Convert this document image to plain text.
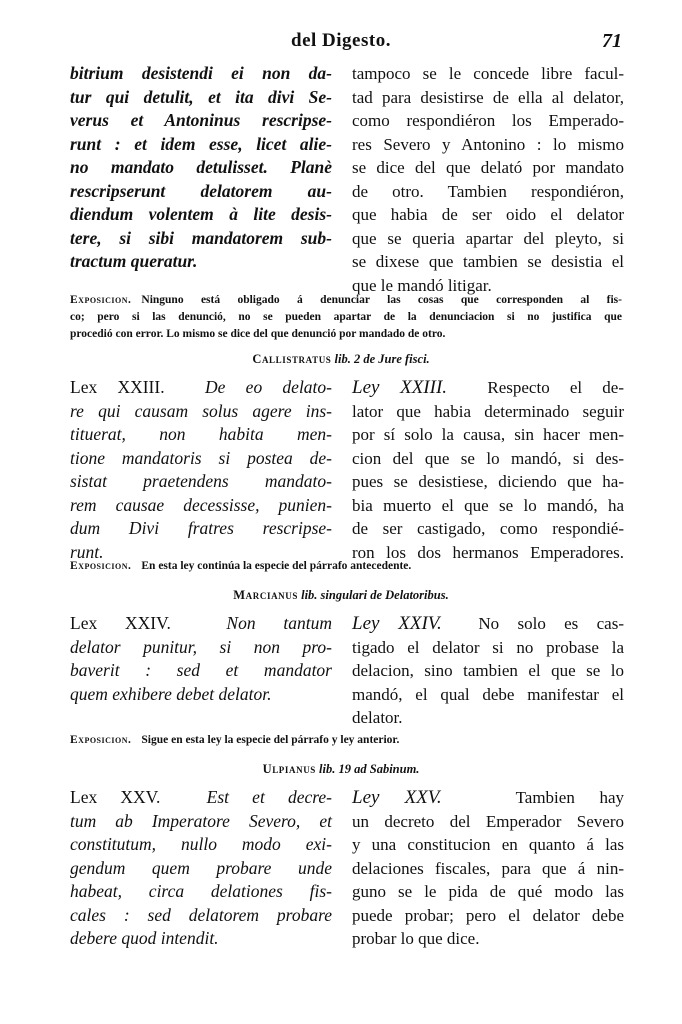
del Digesto.	71
bitrium desistendi ei non da-
tur qui detulit, et ita divi Se-
verus et Antoninus rescripse-
runt : et idem esse, licet alie-
no mandato detulisset. Planè
rescripserunt delatorem au-
diendum volentem à lite desis-
tere, si sibi mandatorem sub-
tractum queratur.
tampoco se le concede libre facul-
tad para desistirse de ella al delator,
como respondiéron los Emperado-
res Severo y Antonino : lo mismo
se dice del que delató por mandato
de otro. Tambien respondiéron,
que habia de ser oido el delator
que se queria apartar del pleyto, si
se dixese que tambien se desistia el
que le mandó litigar.
Exposicion. Ninguno está obligado á denunciar las cosas que corresponden al fis-
co; pero si las denunció, no se pueden apartar de la denunciacion si no justifica que
procedió con error. Lo mismo se dice del que denunció por mandado de otro.
Callistratus lib. 2 de Jure fisci.
Lex XXIII. De eo delato-
re qui causam solus agere ins-
tituerat, non habita men-
tione mandatoris si postea de-
sistat praetendens mandato-
rem causae decessisse, punien-
dum Divi fratres rescripse-
runt.
Ley XXIII. Respecto el de-
lator que habia determinado seguir
por sí solo la causa, sin hacer men-
cion del que se lo mandó, si des-
pues se desistiese, diciendo que ha-
bia muerto el que se lo mandó, ha
de ser castigado, como respondié-
ron los dos hermanos Emperadores.
Exposicion. En esta ley continúa la especie del párrafo antecedente.
Marcianus lib. singulari de Delatoribus.
Lex XXIV.	Non tantum
delator punitur, si non pro-
baverit : sed et mandator
quem exhibere debet delator.
Ley XXIV. No solo es cas-
tigado el delator si no probase la
delacion, sino tambien el que se lo
mandó, el qual debe manifestar el
delator.
Exposicion. Sigue en esta ley la especie del párrafo y ley anterior.
Ulpianus lib. 19 ad Sabinum.
Lex XXV.	Est et decre-
tum ab Imperatore Severo, et
constitutum, nullo modo exi-
gendum quem probare unde
habeat, circa delationes fis-
cales : sed delatorem probare
debere quod intendit.
Ley XXV.	Tambien hay
un decreto del Emperador Severo
y una constitucion en quanto á las
delaciones fiscales, para que á nin-
guno se le pida de qué modo las
puede probar; pero el delator debe
probar lo que dice.
